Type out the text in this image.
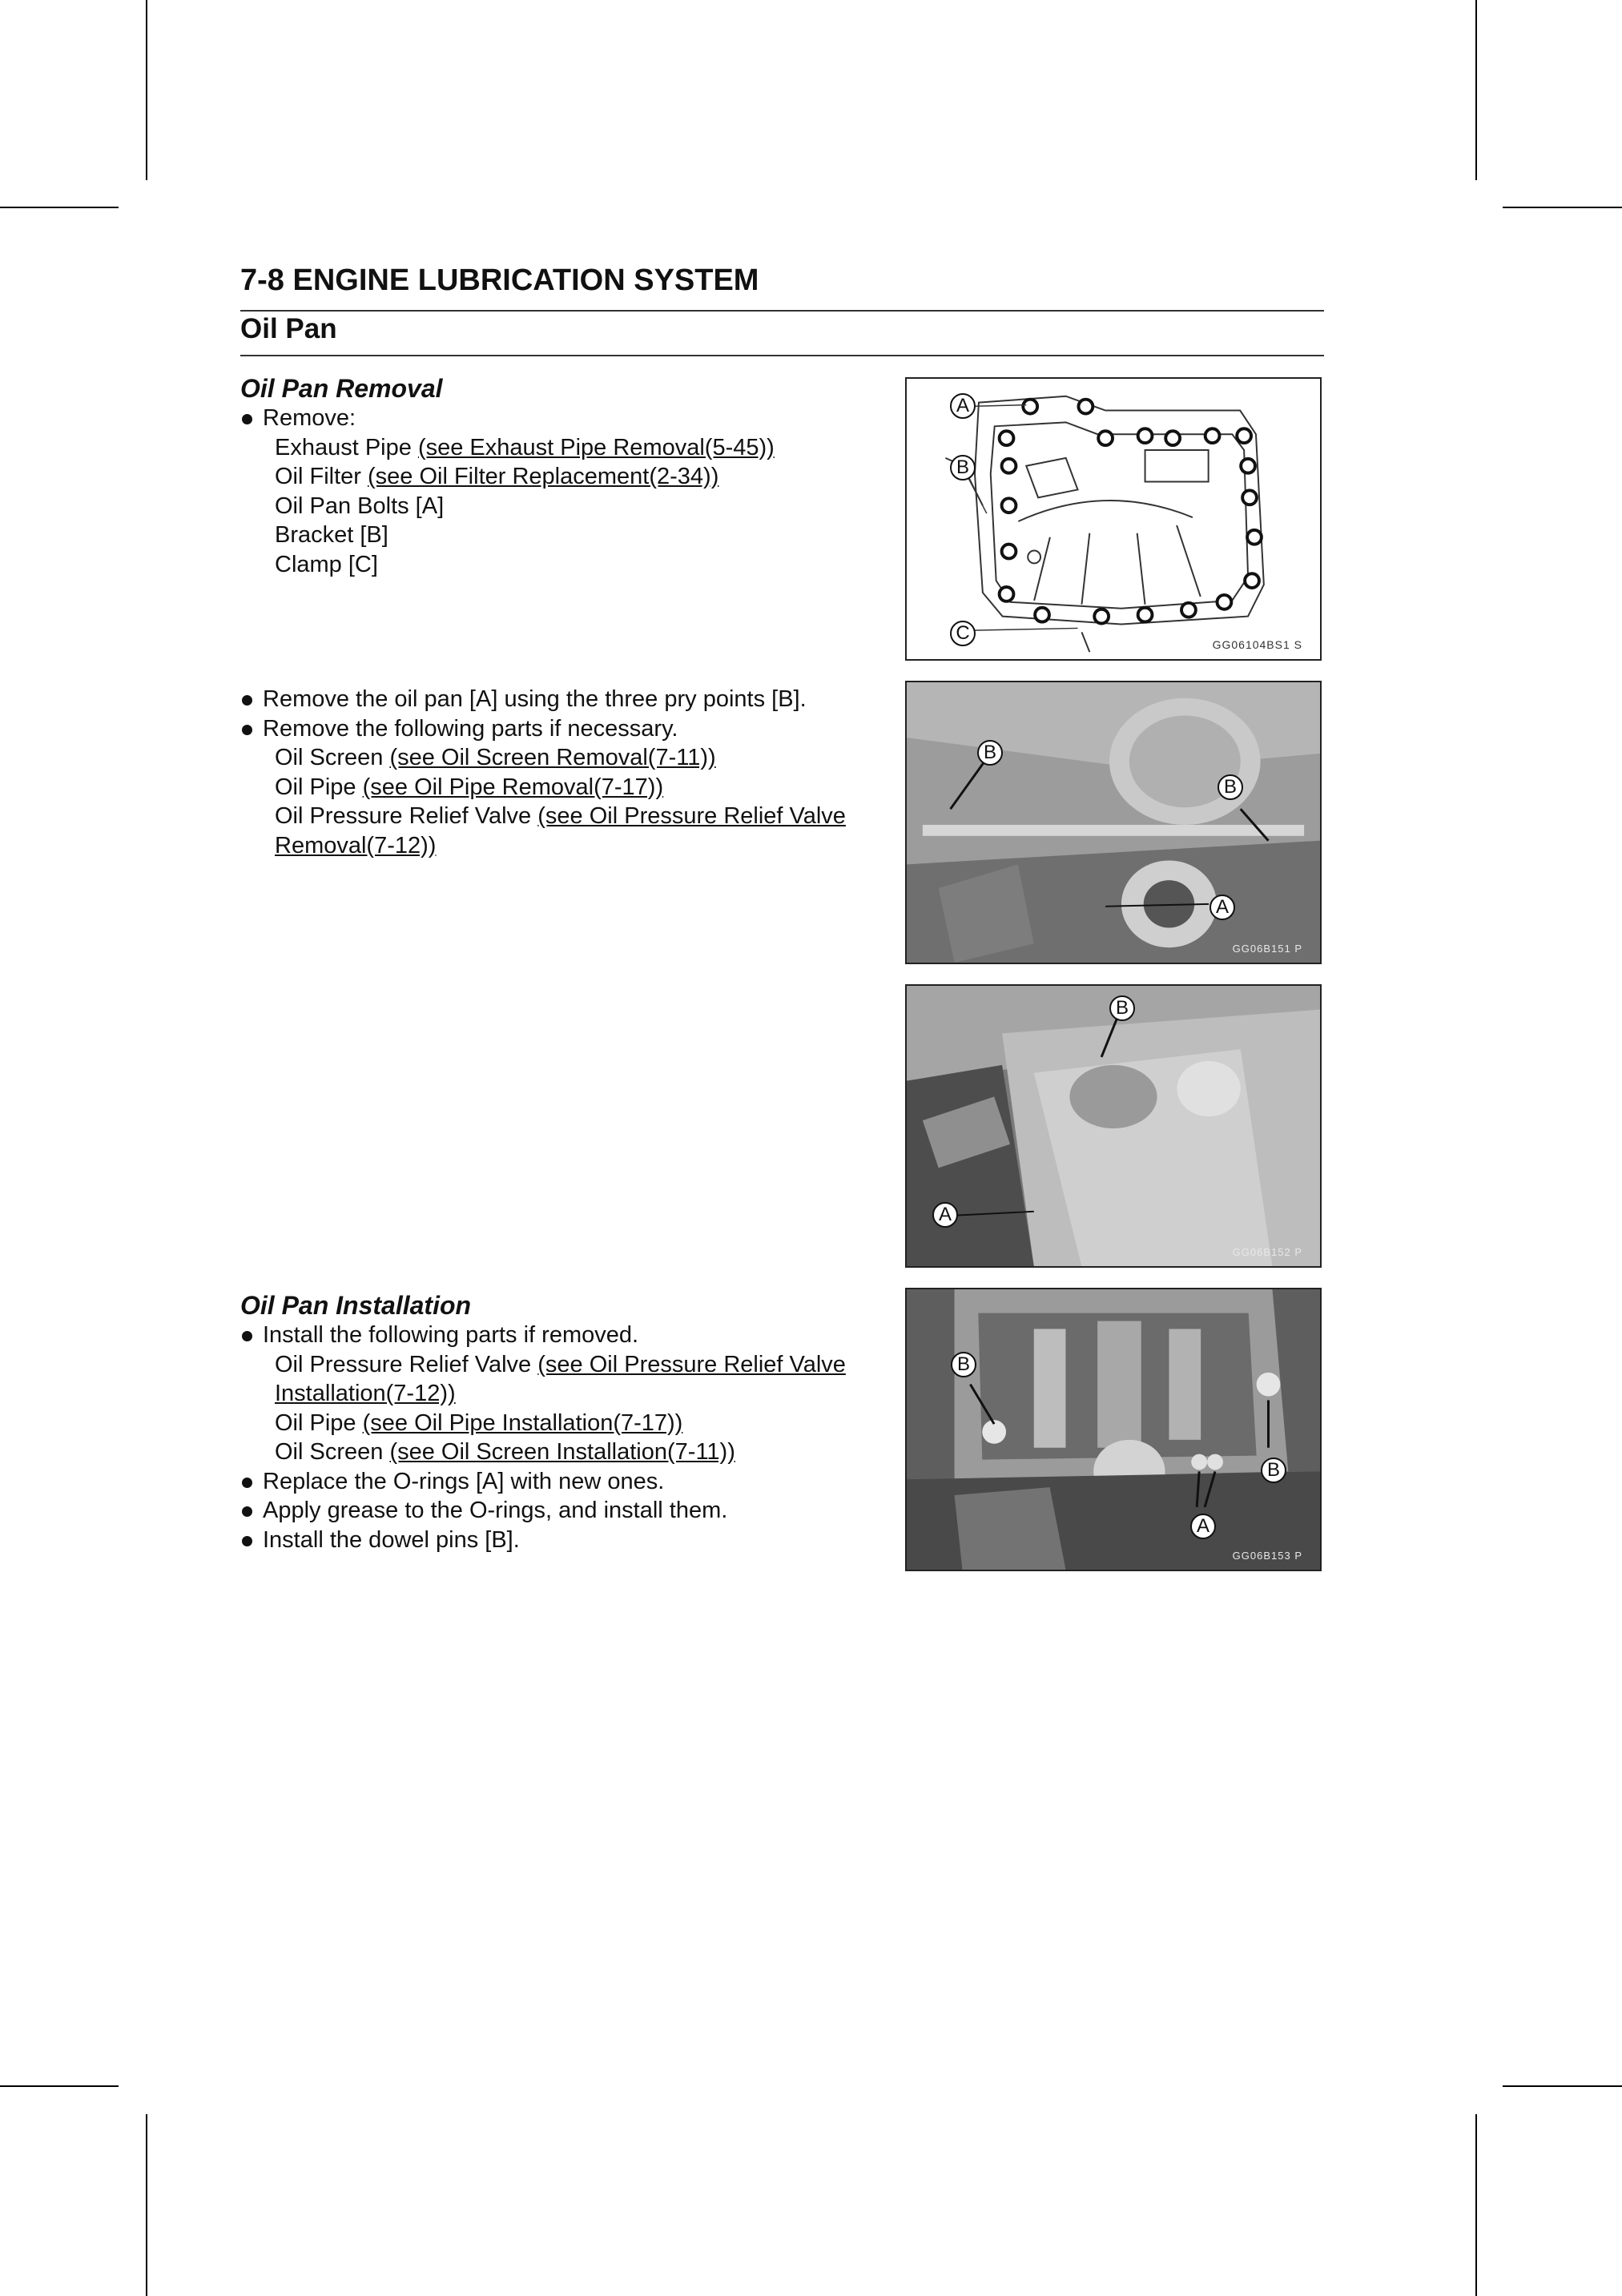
7-8 ENGINE LUBRICATION SYSTEM
Oil Pan
Oil Pan Removal
Remove:
Exhaust Pipe (see Exhaust Pipe Removal(5-45))
Oil Filter (see Oil Filter Replacement(2-34))
Oil Pan Bolts [A]
Bracket [B]
Clamp [C]
Remove the oil pan [A] using the three pry points [B].
Remove the following parts if necessary.
Oil Screen (see Oil Screen Removal(7-11))
Oil Pipe (see Oil Pipe Removal(7-17))
Oil Pressure Relief Valve (see Oil Pressure Relief Valve
Removal(7-12))
Oil Pan Installation
Install the following parts if removed.
Oil Pressure Relief Valve (see Oil Pressure Relief Valve
Installation(7-12))
Oil Pipe (see Oil Pipe Installation(7-17))
Oil Screen (see Oil Screen Installation(7-11))
Replace the O-rings [A] with new ones.
Apply grease to the O-rings, and install them.
Install the dowel pins [B].
A
B
C
GG06104BS1 S
B
B
A
GG06B151 P
B
A
GG06B152 P
B
B
A
GG06B153 P
